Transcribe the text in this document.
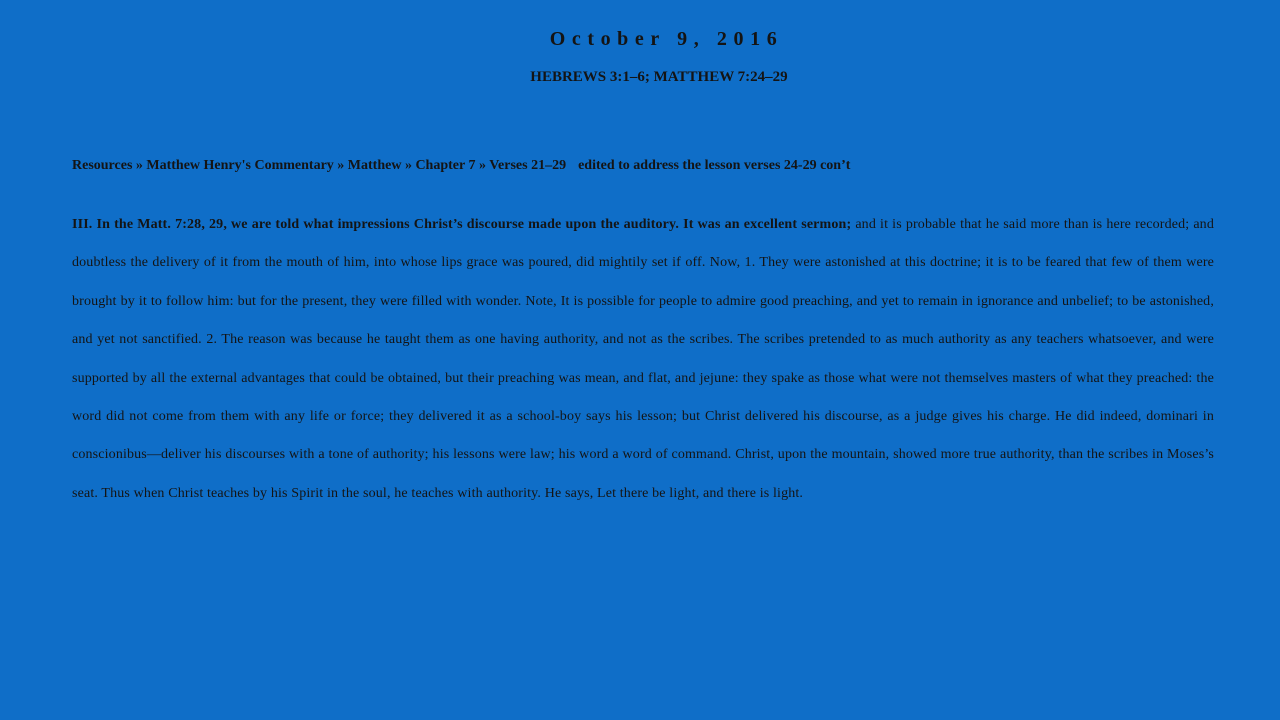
October 9, 2016
HEBREWS 3:1–6; MATTHEW 7:24–29
Resources » Matthew Henry's Commentary » Matthew » Chapter 7 » Verses 21–29 edited to address the lesson verses 24-29 con’t

III. In the Matt. 7:28, 29, we are told what impressions Christ’s discourse made upon the auditory. It was an excellent sermon; and it is probable that he said more than is here recorded; and doubtless the delivery of it from the mouth of him, into whose lips grace was poured, did mightily set if off. Now, 1. They were astonished at this doctrine; it is to be feared that few of them were brought by it to follow him: but for the present, they were filled with wonder. Note, It is possible for people to admire good preaching, and yet to remain in ignorance and unbelief; to be astonished, and yet not sanctified. 2. The reason was because he taught them as one having authority, and not as the scribes. The scribes pretended to as much authority as any teachers whatsoever, and were supported by all the external advantages that could be obtained, but their preaching was mean, and flat, and jejune: they spake as those what were not themselves masters of what they preached: the word did not come from them with any life or force; they delivered it as a school-boy says his lesson; but Christ delivered his discourse, as a judge gives his charge. He did indeed, dominari in conscionibus—deliver his discourses with a tone of authority; his lessons were law; his word a word of command. Christ, upon the mountain, showed more true authority, than the scribes in Moses’s seat. Thus when Christ teaches by his Spirit in the soul, he teaches with authority. He says, Let there be light, and there is light.
